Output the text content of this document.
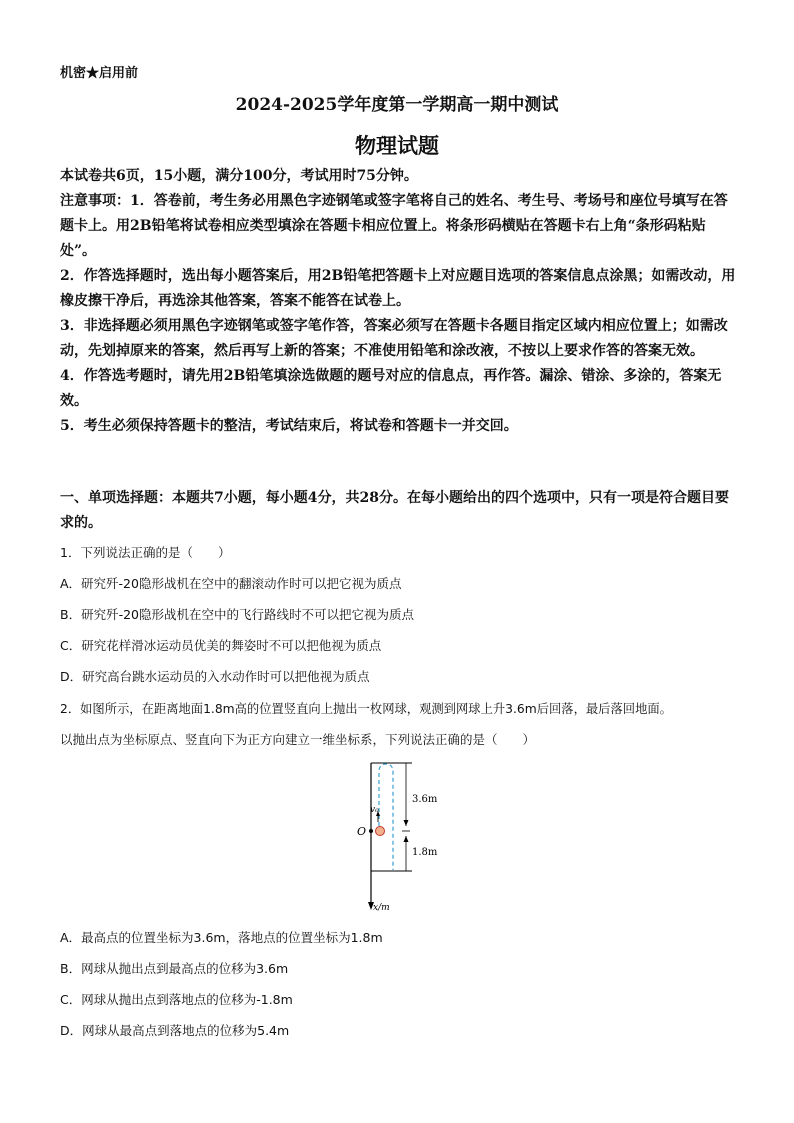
机密★启用前
2024-2025学年度第一学期高一期中测试
物理试题

本试卷共6页，15小题，满分100分，考试用时75分钟。

注意事项：1．答卷前，考生务必用黑色字迹钢笔或签字笔将自己的姓名、考生号、考场号和座位号填写在答题卡上。用2B铅笔将试卷相应类型填涂在答题卡相应位置上。将条形码横贴在答题卡右上角“条形码粘贴处”。

2．作答选择题时，选出每小题答案后，用2B铅笔把答题卡上对应题目选项的答案信息点涂黑；如需改动，用橡皮擦干净后，再选涂其他答案，答案不能答在试卷上。

3．非选择题必须用黑色字迹钢笔或签字笔作答，答案必须写在答题卡各题目指定区域内相应位置上；如需改动，先划掉原来的答案，然后再写上新的答案；不准使用铅笔和涂改液，不按以上要求作答的答案无效。

4．作答选考题时，请先用2B铅笔填涂选做题的题号对应的信息点，再作答。漏涂、错涂、多涂的，答案无效。

5．考生必须保持答题卡的整洁，考试结束后，将试卷和答题卡一并交回。

一、单项选择题：本题共7小题，每小题4分，共28分。在每小题给出的四个选项中，只有一项是符合题目要求的。
1．下列说法正确的是（　　）
A．研究歼-20隐形战机在空中的翻滚动作时可以把它视为质点
B．研究歼-20隐形战机在空中的飞行路线时不可以把它视为质点
C．研究花样滑冰运动员优美的舞姿时不可以把他视为质点
D．研究高台跳水运动员的入水动作时可以把他视为质点
2．如图所示，在距离地面1.8m高的位置竖直向上抛出一枚网球，观测到网球上升3.6m后回落，最后落回地面。
以抛出点为坐标原点、竖直向下为正方向建立一维坐标系，下列说法正确的是（　　）
3.6m
1.8m
O
v₀
x/m
A．最高点的位置坐标为3.6m，落地点的位置坐标为1.8m
B．网球从抛出点到最高点的位移为3.6m
C．网球从抛出点到落地点的位移为-1.8m
D．网球从最高点到落地点的位移为5.4m
